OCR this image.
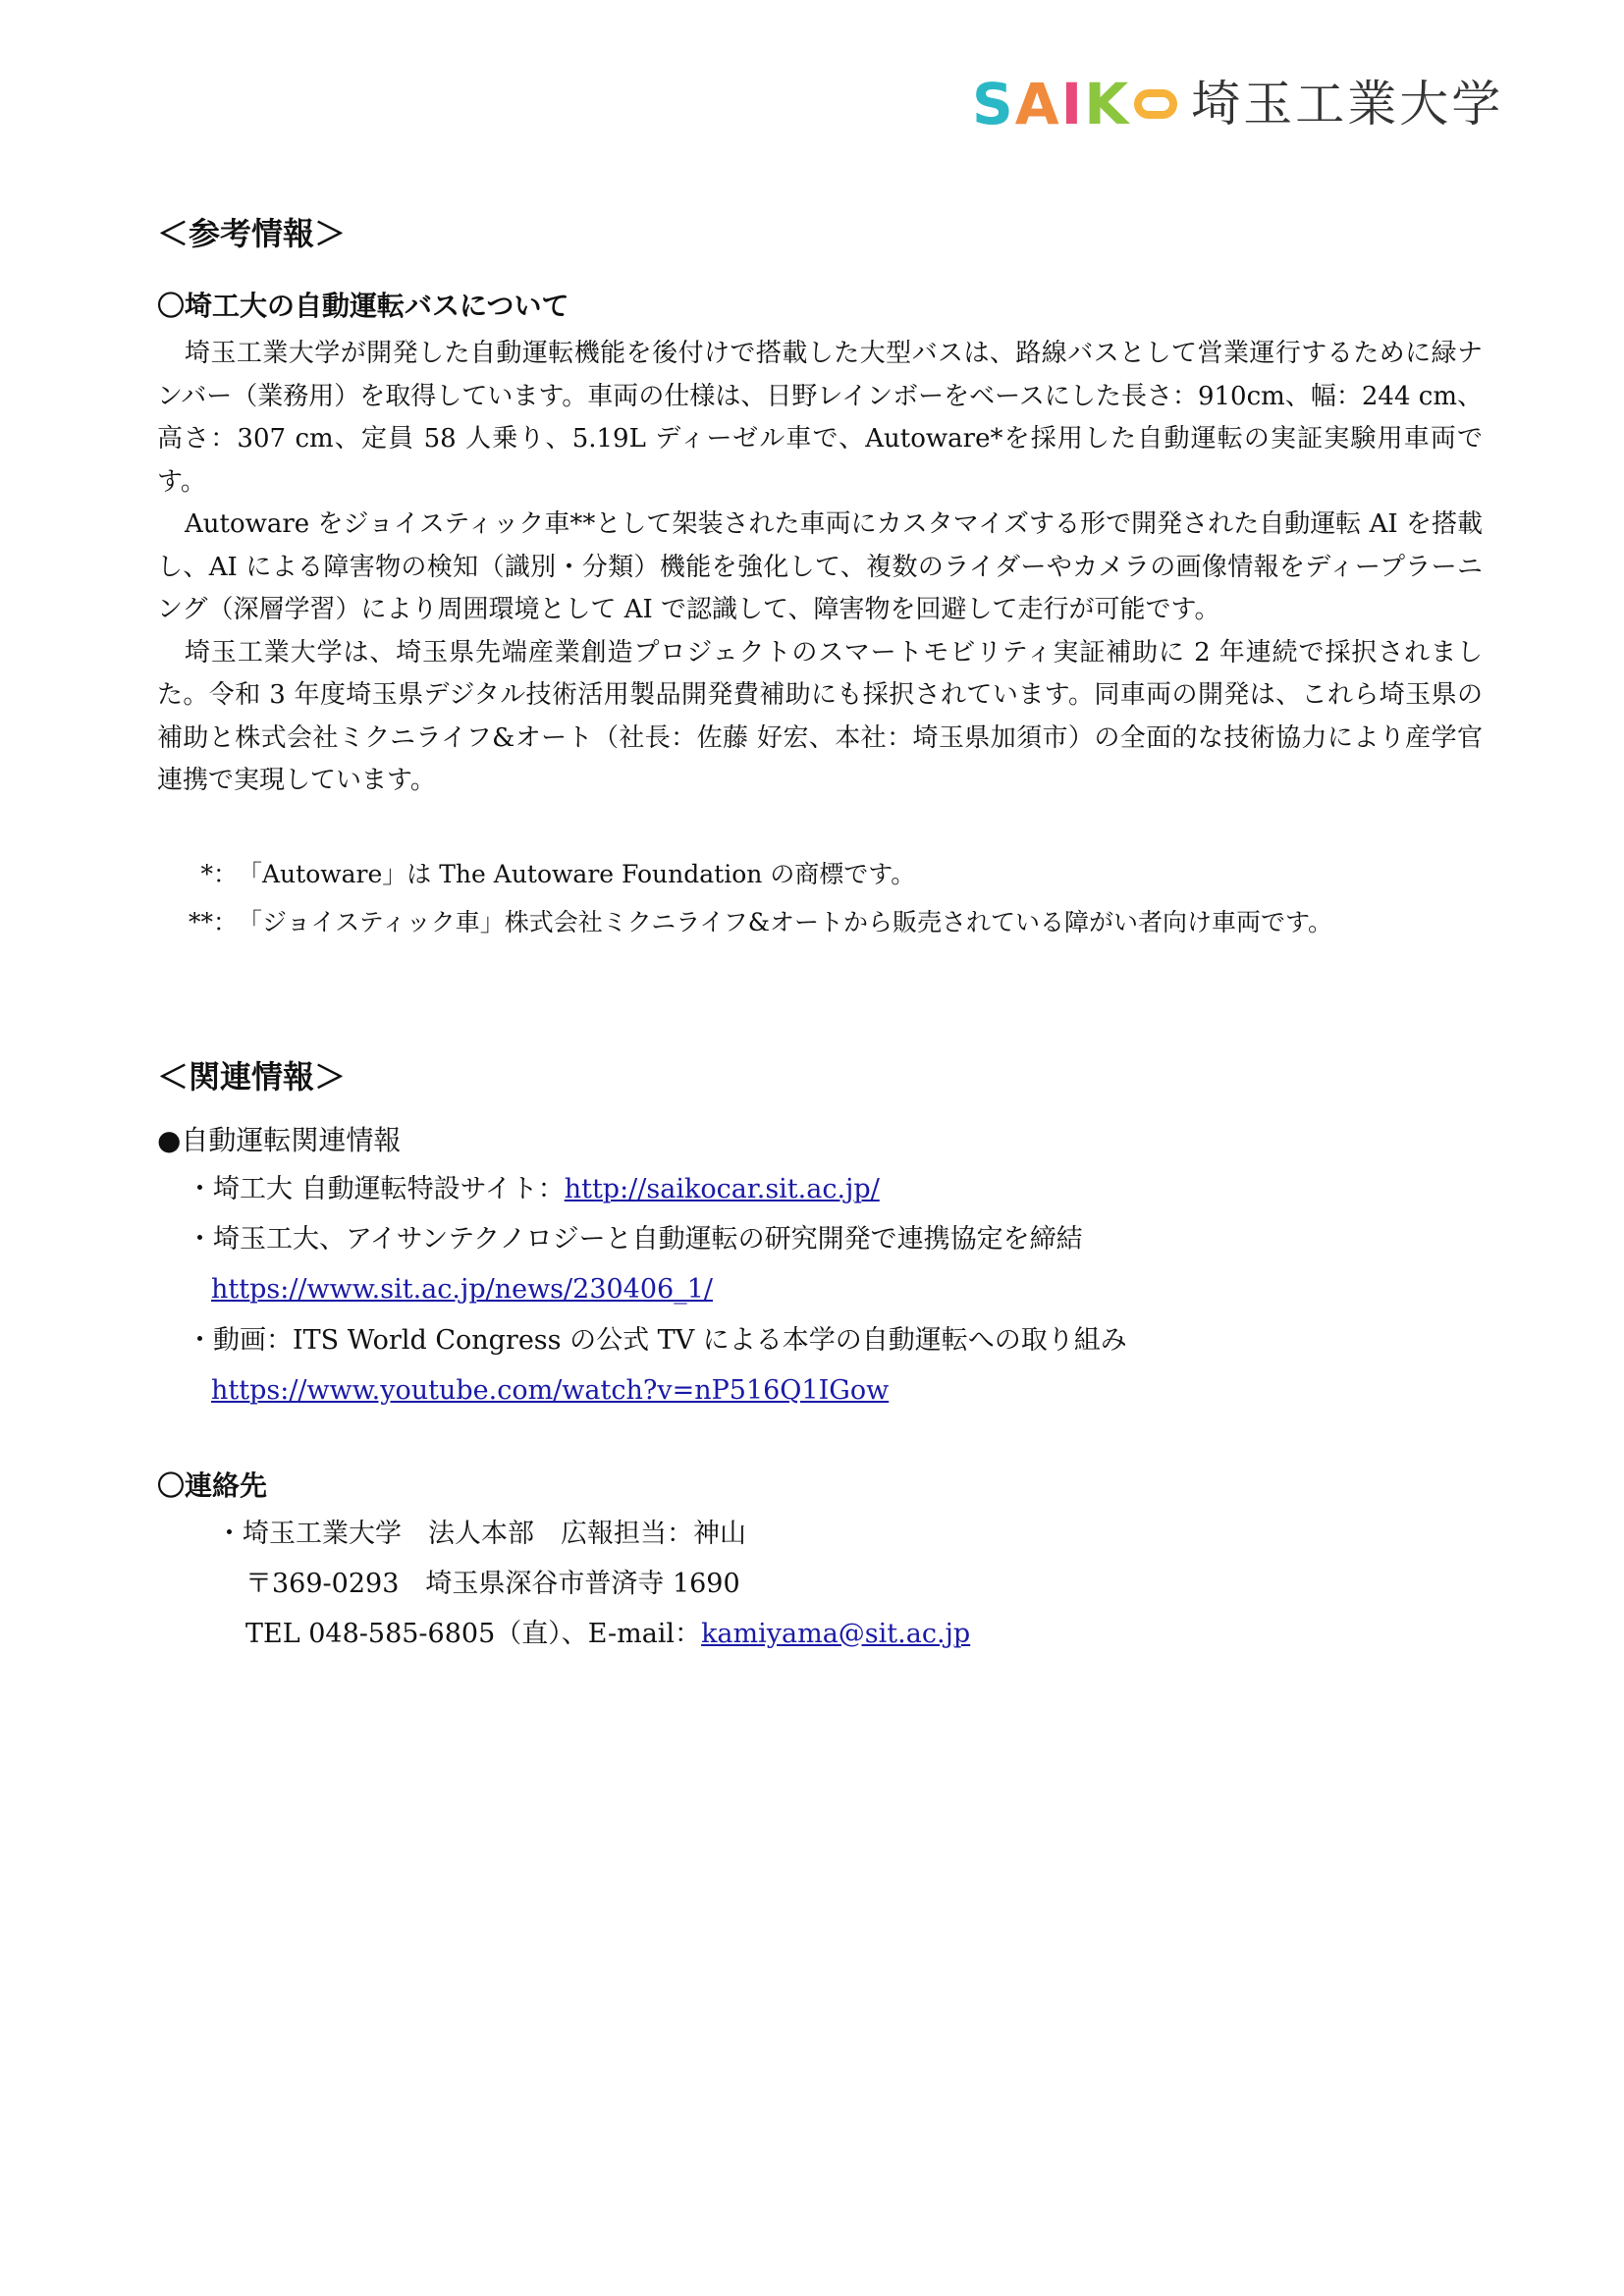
S A I K 埼玉工業大学
＜参考情報＞
〇埼工大の自動運転バスについて

埼玉工業大学が開発した自動運転機能を後付けで搭載した大型バスは、路線バスとして営業運行するために緑ナンバー（業務用）を取得しています。車両の仕様は、日野レインボーをベースにした長さ：910cm、幅：244 cm、高さ：307 cm、定員 58 人乗り、5.19L ディーゼル車で、Autoware*を採用した自動運転の実証実験用車両です。

Autoware をジョイスティック車**として架装された車両にカスタマイズする形で開発された自動運転 AI を搭載し、AI による障害物の検知（識別・分類）機能を強化して、複数のライダーやカメラの画像情報をディープラーニング（深層学習）により周囲環境として AI で認識して、障害物を回避して走行が可能です。

埼玉工業大学は、埼玉県先端産業創造プロジェクトのスマートモビリティ実証補助に 2 年連続で採択されました。令和 3 年度埼玉県デジタル技術活用製品開発費補助にも採択されています。同車両の開発は、これら埼玉県の補助と株式会社ミクニライフ&オート（社長：佐藤 好宏、本社：埼玉県加須市）の全面的な技術協力により産学官連携で実現しています。

*： 「Autoware」は The Autoware Foundation の商標です。
**： 「ジョイスティック車」株式会社ミクニライフ&オートから販売されている障がい者向け車両です。
＜関連情報＞
●自動運転関連情報
・埼工大 自動運転特設サイト：http://saikocar.sit.ac.jp/
・埼玉工大、アイサンテクノロジーと自動運転の研究開発で連携協定を締結
https://www.sit.ac.jp/news/230406_1/
・動画：ITS World Congress の公式 TV による本学の自動運転への取り組み
https://www.youtube.com/watch?v=nP516Q1IGow
〇連絡先
・埼玉工業大学　法人本部　広報担当：神山
〒369-0293　埼玉県深谷市普済寺 1690
TEL 048-585-6805（直）、E-mail：kamiyama@sit.ac.jp
